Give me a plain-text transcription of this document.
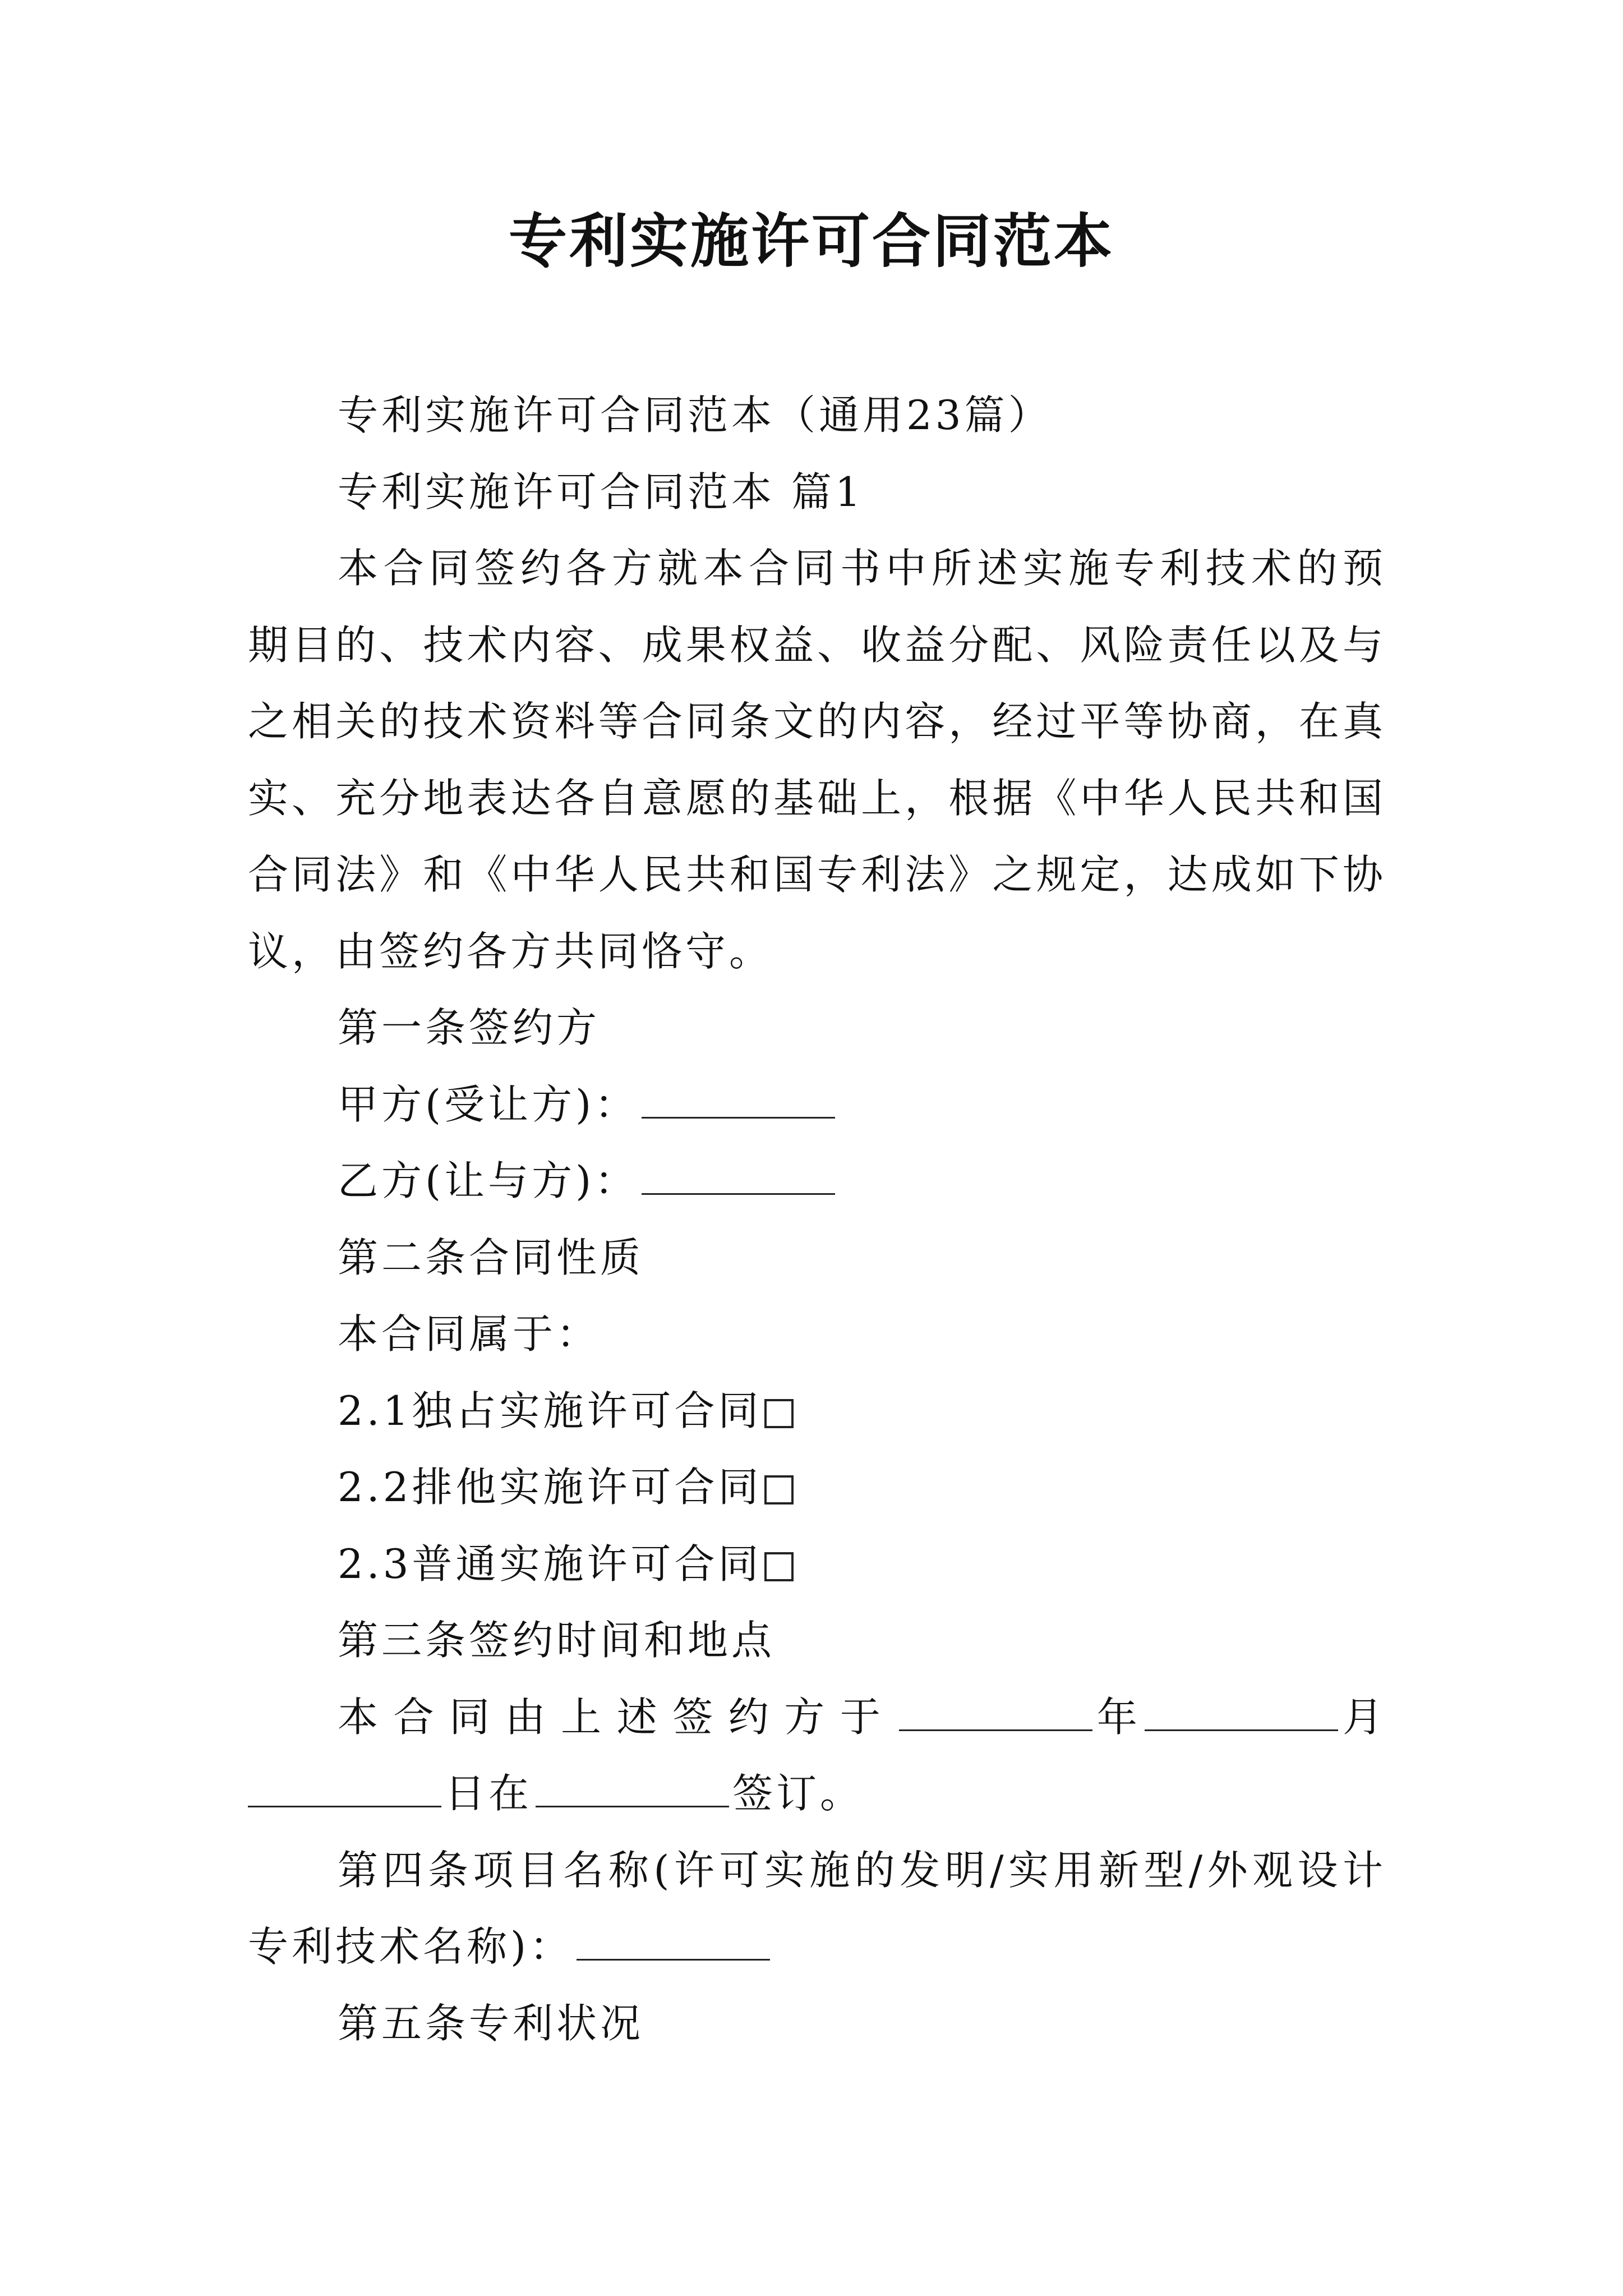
专利实施许可合同范本

专利实施许可合同范本（通用23篇）

专利实施许可合同范本 篇1

本合同签约各方就本合同书中所述实施专利技术的预期目的、技术内容、成果权益、收益分配、风险责任以及与之相关的技术资料等合同条文的内容，经过平等协商，在真实、充分地表达各自意愿的基础上，根据《中华人民共和国合同法》和《中华人民共和国专利法》之规定，达成如下协议，由签约各方共同恪守。

第一条签约方

甲方(受让方)：

乙方(让与方)：

第二条合同性质

本合同属于：

2.1独占实施许可合同

2.2排他实施许可合同

2.3普通实施许可合同

第三条签约时间和地点

本合同由上述签约方于	年	月日在	签订。

第四条项目名称(许可实施的发明/实用新型/外观设计专利技术名称)：

第五条专利状况
